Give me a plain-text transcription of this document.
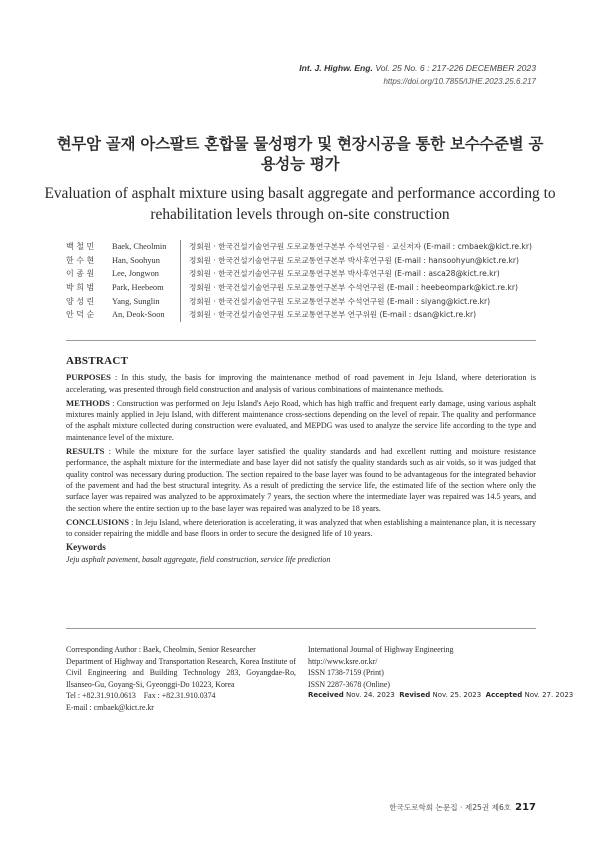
Int. J. Highw. Eng. Vol. 25 No. 6 : 217-226 DECEMBER 2023
https://doi.org/10.7855/IJHE.2023.25.6.217
현무암 골재 아스팔트 혼합물 물성평가 및 현장시공을 통한 보수수준별 공용성능 평가
Evaluation of asphalt mixture using basalt aggregate and performance according to rehabilitation levels through on-site construction
백 철 민	Baek, Cheolmin	정회원 · 한국건설기술연구원 도로교통연구본부 수석연구원 · 교신저자 (E-mail : cmbaek@kict.re.kr)
한 수 현	Han, Soohyun	정회원 · 한국건설기술연구원 도로교통연구본부 박사후연구원 (E-mail : hansoohyun@kict.re.kr)
이 종 원	Lee, Jongwon	정회원 · 한국건설기술연구원 도로교통연구본부 박사후연구원 (E-mail : asca28@kict.re.kr)
박 희 범	Park, Heebeom	정회원 · 한국건설기술연구원 도로교통연구본부 수석연구원 (E-mail : heebeompark@kict.re.kr)
양 성 린	Yang, Sunglin	정회원 · 한국건설기술연구원 도로교통연구본부 수석연구원 (E-mail : siyang@kict.re.kr)
안 덕 순	An, Deok-Soon	정회원 · 한국건설기술연구원 도로교통연구본부 연구위원 (E-mail : dsan@kict.re.kr)
ABSTRACT

PURPOSES : In this study, the basis for improving the maintenance method of road pavement in Jeju Island, where deterioration is accelerating, was presented through field construction and analysis of various combinations of maintenance methods.

METHODS : Construction was performed on Jeju Island's Aejo Road, which has high traffic and frequent early damage, using various asphalt mixtures mainly applied in Jeju Island, with different maintenance cross-sections depending on the level of repair. The quality and performance of the asphalt mixture collected during construction were evaluated, and MEPDG was used to analyze the service life according to the type and maintenance level of the mixture.

RESULTS : While the mixture for the surface layer satisfied the quality standards and had excellent rutting and moisture resistance performance, the asphalt mixture for the intermediate and base layer did not satisfy the quality standards such as air voids, so it was judged that quality control was necessary during production. The section repaired to the base layer was found to be advantageous for the integrated behavior of the pavement and had the best structural integrity. As a result of predicting the service life, the estimated life of the section where only the surface layer was repaired was analyzed to be approximately 7 years, the section where the intermediate layer was repaired was 14.5 years, and the section where the entire section up to the base layer was repaired was analyzed to be 18 years.

CONCLUSIONS : In Jeju Island, where deterioration is accelerating, it was analyzed that when establishing a maintenance plan, it is necessary to consider repairing the middle and base floors in order to secure the designed life of 10 years.

Keywords
Jeju asphalt pavement, basalt aggregate, field construction, service life prediction
Corresponding Author : Baek, Cheolmin, Senior Researcher
Department of Highway and Transportation Research, Korea Institute of Civil Engineering and Building Technology 283, Goyangdae-Ro, Ilsanseo-Gu, Goyang-Si, Gyeonggi-Do 10223, Korea
Tel : +82.31.910.0613    Fax : +82.31.910.0374
E-mail : cmbaek@kict.re.kr
International Journal of Highway Engineering
http://www.ksre.or.kr/
ISSN 1738-7159 (Print)
ISSN 2287-3678 (Online)
Received Nov. 24. 2023 Revised Nov. 25. 2023 Accepted Nov. 27. 2023
한국도로학회 논문집 · 제25권 제6호 217
